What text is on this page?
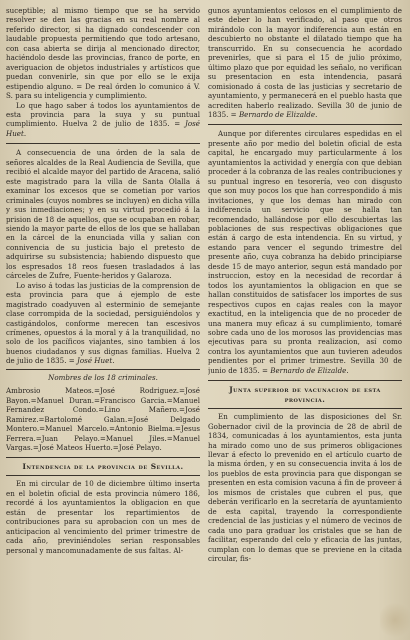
suceptible; al mismo tiempo que se ha servido resolver se den las gracias en su real nombre al referido director, si ha dignado condescender con laudable propuesta permitiendo que todo artesano, con casa abierta se dirija al mencionado director, haciéndolo desde las provincias, franco de porte, en averiguacion de objetos industriales y artísticos que puedan convenirle, sin que por ello se le exija estipendio alguno. = De real órden lo comunico á V. S. para su inteligencia y cumplimiento.

Lo que hago saber á todos los ayuntamientos de esta provincia para la suya y su puntual cumplimiento. Huelva 2 de julio de 1835. = José Huet.

A consecuencia de una órden de la sala de señores alcaldes de la Real Audiencia de Sevilla, que recibió el alcalde mayor del partido de Aracena, salió este magistrado para la villa de Santa Olalla á examinar los excesos que se cometian por varios criminales (cuyos nombres se incluyen) en dicha villa y sus inmediaciones; y en su virtud procedió á la prision de 18 de aquellos, que se ocupaban en robar, siendo la mayor parte de ellos de los que se hallaban en la cárcel de la enunciada villa y salian con connivencia de su justicia bajo el pretesto de adquirirse su subsistencia; habiendo dispuesto que los espresados 18 reos fuesen trasladados á las cárceles de Zufre, Fuente-heridos y Galaroza.

Lo aviso á todas las justicias de la comprension de esta provincia para que á ejemplo de este magistrado coadyuven al esterminio de semejante clase corrompida de la sociedad, persiguiéndolos y castigándolos, conforme merecen tan escesivos crímenes, opuestos á la moral y á la tranquilidad, no solo de los pacíficos viajantes, sino tambien á los buenos ciudadanos y sus dignas familias. Huelva 2 de julio de 1835. = José Huet.

Nombres de los 18 criminales.

Ambrosio Mateos.=José Rodriguez.=José Bayon.=Manuel Duran.=Francisco Garcia.=Manuel Fernandez Condo.=Lino Mañero.=José Ramirez.=Bartolomé Galan.=José Delgado Montero.=Manuel Marcelo.=Antonio Bielma.=Jesus Ferrera.=Juan Pelayo.=Manuel Jiles.=Manuel Vargas.=José Mateos Huerto.=José Pelayo.

Intendencia de la provincia de Sevilla.

En mi circular de 10 de diciembre último inserta en el boletin oficial de esta provincia número 186, recordé á los ayuntamientos la obligacion en que están de presentar los repartimientos de contribuciones para su aprobacion con un mes de anticipacion al vencimiento del primer trimestre de cada año, previniéndoles serian responsables personal y mancomunadamente de sus faltas. Al-

gunos ayuntamientos celosos en el cumplimiento de este deber lo han verificado, al paso que otros mirándolo con la mayor indiferencia aun están en descubierto no obstante el dilatado tiempo que ha transcurrido. En su consecuencia he acordado prevenirles, que si para el 15 de julio próximo, último plazo que por equidad les señalo, no verifican su presentacion en esta intendencia, pasará comisionado á costa de las justicias y secretario de ayuntamiento, y permanecerá en el pueblo hasta que acrediten haberlo realizado. Sevilla 30 de junio de 1835. = Bernardo de Elizalde.

Aunque por diferentes circulares espedidas en el presente año por medio del boletin oficial de esta capital, he encargado muy particularmente á los ayuntamientos la actividad y energía con que debian proceder á la cobranza de las reales contribuciones y su puntual ingreso en tesorería, veo con disgusto que son muy pocos los que han correspondido á mis invitaciones, y que los demas han mirado con indiferencia un servicio que se halla tan recomendado, hallándose por ello descubiertas las poblaciones de sus respectivas obligaciones que están á cargo de esta intendencia. En su virtud, y estando para vencer el segundo trimestre del presente año, cuya cobranza ha debido principiarse desde 15 de mayo anterior, segun está mandado por instruccion, estoy en la necesidad de recordar á todos los ayuntamientos la obligacion en que se hallan constituidos de satisfacer los importes de sus respectivos cupos en cajas reales con la mayor exactitud, en la inteligencia que de no proceder de una manera muy eficaz á su cumplimiento, tomaré sobre cada uno de los morosos las providencias mas ejecutivas para su pronta realizacion, así como contra los ayuntamientos que aun tuvieren adeudos pendientes por el primer trimestre. Sevilla 30 de junio de 1835. = Bernardo de Elizalde.

Junta superior de vacunacion de esta provincia.

En cumplimiento de las disposiciones del Sr. Gobernador civil de la provincia de 28 de abril de 1834, comunicadas á los ayuntamientos, esta junta ha mirado como uno de sus primeros obligaciones llevar á efecto lo prevenido en el artículo cuarto de la misma órden, y en su consecuencia invita á los de los pueblos de esta provincia para que dispongan se presenten en esta comision vacuna á fin de proveer á los mismos de cristales que cubren el pus, que deberán verificarlo en la secretaría de ayuntamiento de esta capital, trayendo la correspondiente credencial de las justicias y el número de vecinos de cada uno para graduar los cristales que se han de facilitar, esperando del celo y eficacia de las juntas, cumplan con lo demas que se previene en la citada circular, fis-
